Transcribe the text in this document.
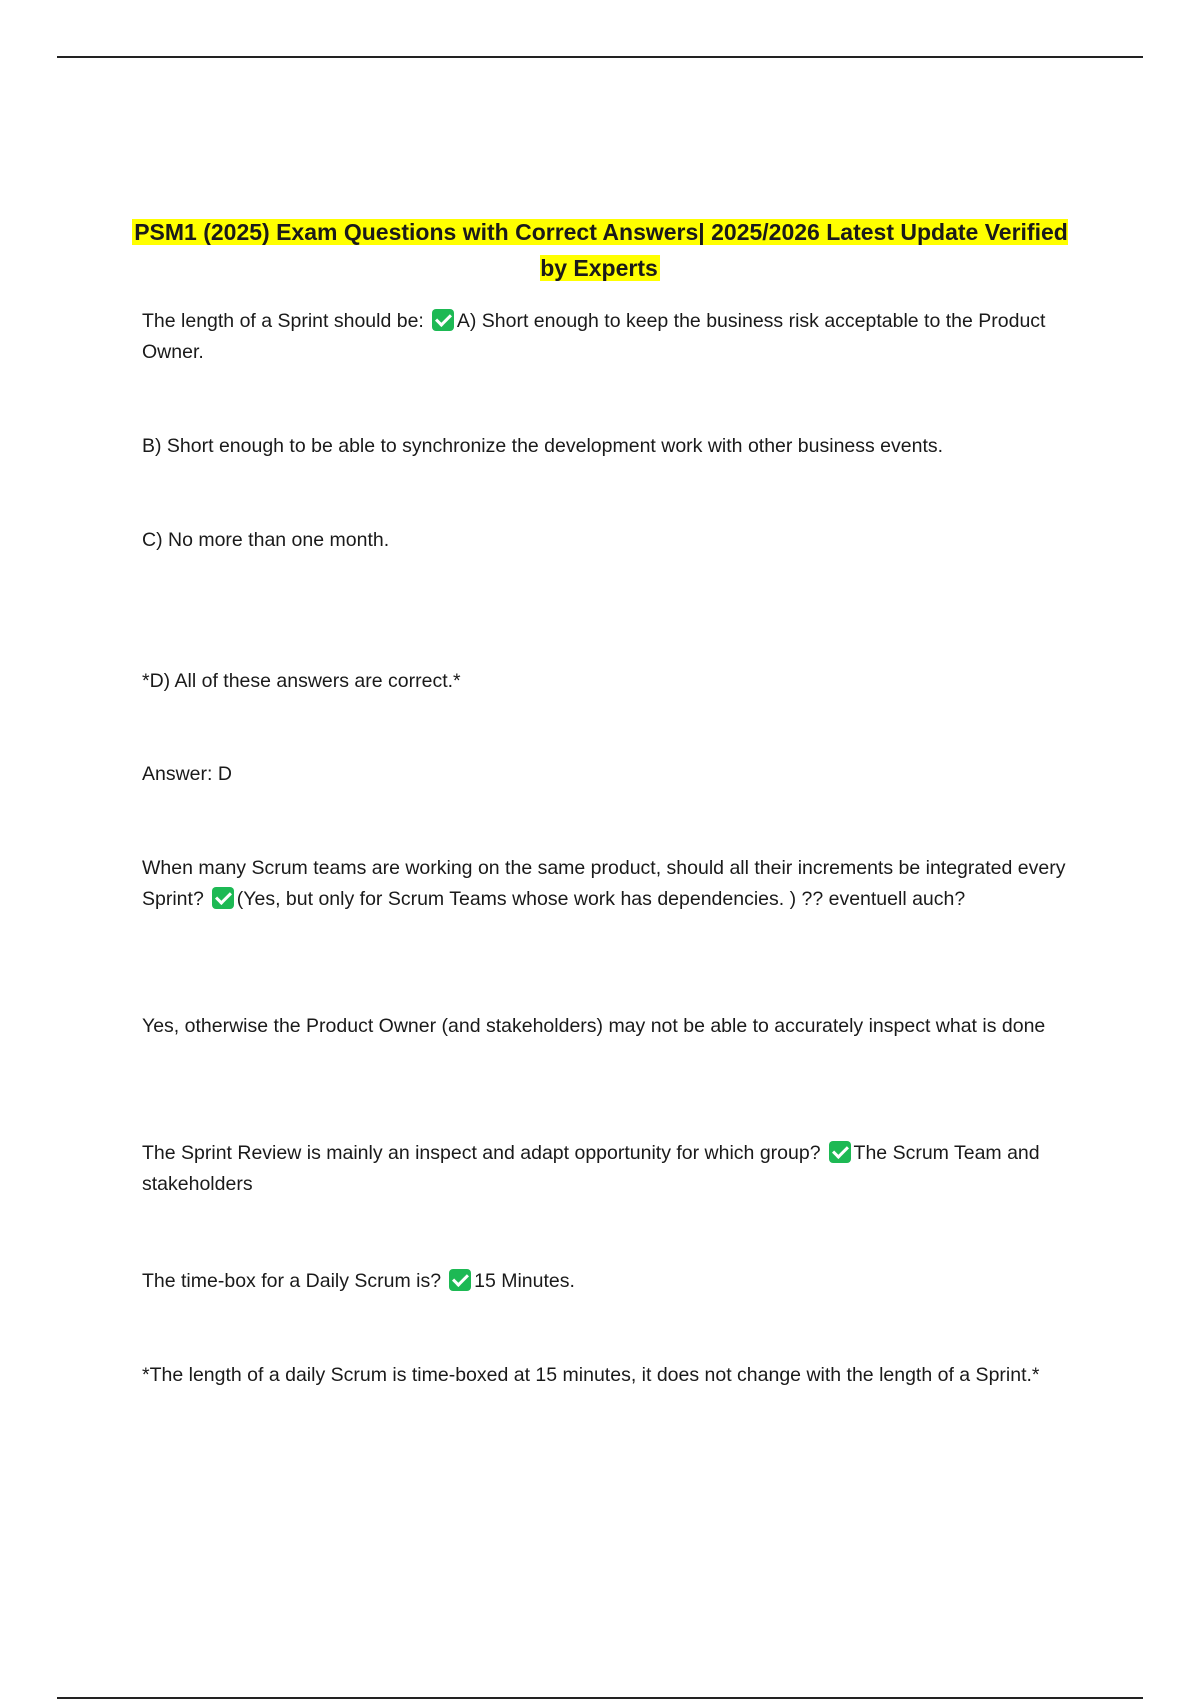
PSM1 (2025) Exam Questions with Correct Answers| 2025/2026 Latest Update Verified by Experts
The length of a Sprint should be: A) Short enough to keep the business risk acceptable to the Product Owner.
B) Short enough to be able to synchronize the development work with other business events.
C) No more than one month.
*D) All of these answers are correct.*
Answer: D
When many Scrum teams are working on the same product, should all their increments be integrated every Sprint? (Yes, but only for Scrum Teams whose work has dependencies. ) ?? eventuell auch?
Yes, otherwise the Product Owner (and stakeholders) may not be able to accurately inspect what is done
The Sprint Review is mainly an inspect and adapt opportunity for which group? The Scrum Team and stakeholders
The time-box for a Daily Scrum is? 15 Minutes.
*The length of a daily Scrum is time-boxed at 15 minutes, it does not change with the length of a Sprint.*
